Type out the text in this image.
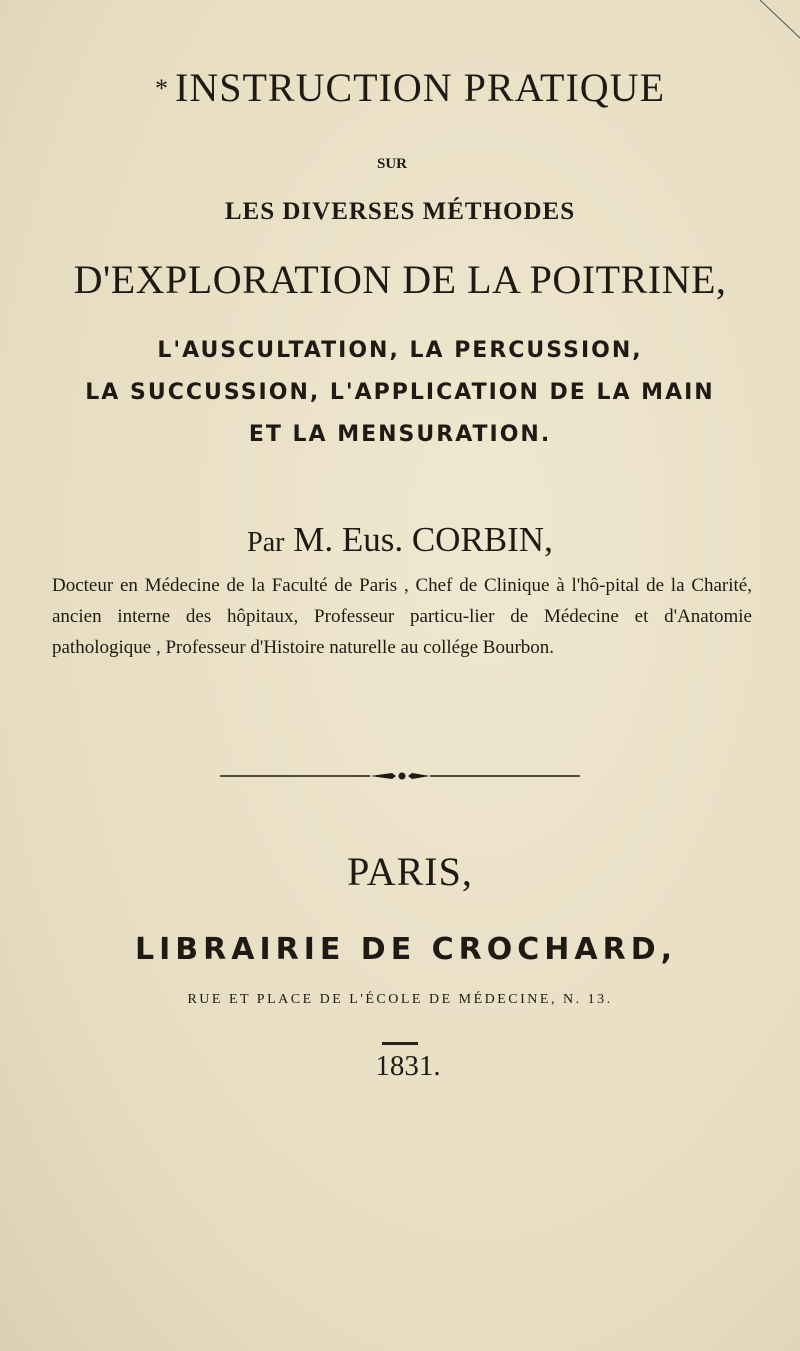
* INSTRUCTION PRATIQUE
SUR
LES DIVERSES MÉTHODES
D'EXPLORATION DE LA POITRINE,
L'AUSCULTATION, LA PERCUSSION,
LA SUCCUSSION, L'APPLICATION DE LA MAIN
ET LA MENSURATION.
Par M. Eus. CORBIN,
Docteur en Médecine de la Faculté de Paris , Chef de Clinique à l'hô-pital de la Charité, ancien interne des hôpitaux, Professeur particu-lier de Médecine et d'Anatomie pathologique , Professeur d'Histoire naturelle au collége Bourbon.
PARIS,
LIBRAIRIE DE CROCHARD,
RUE ET PLACE DE L'ÉCOLE DE MÉDECINE, N. 13.
1831.
